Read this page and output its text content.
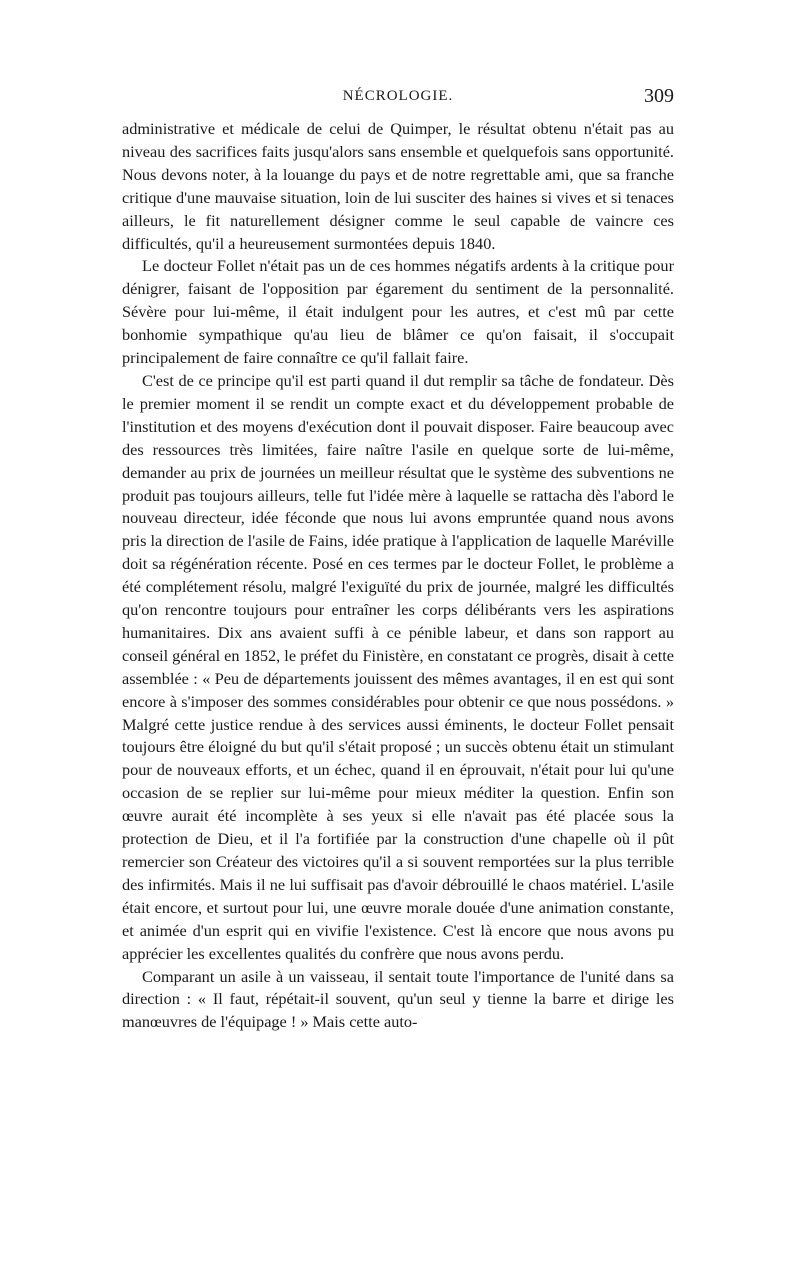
NÉCROLOGIE.	309

administrative et médicale de celui de Quimper, le résultat obtenu n'était pas au niveau des sacrifices faits jusqu'alors sans ensemble et quelquefois sans opportunité. Nous devons noter, à la louange du pays et de notre regrettable ami, que sa franche critique d'une mauvaise situation, loin de lui susciter des haines si vives et si tenaces ailleurs, le fit naturellement désigner comme le seul capable de vaincre ces difficultés, qu'il a heureusement surmontées depuis 1840.

Le docteur Follet n'était pas un de ces hommes négatifs ardents à la critique pour dénigrer, faisant de l'opposition par égarement du sentiment de la personnalité. Sévère pour lui-même, il était indulgent pour les autres, et c'est mû par cette bonhomie sympathique qu'au lieu de blâmer ce qu'on faisait, il s'occupait principalement de faire connaître ce qu'il fallait faire.

C'est de ce principe qu'il est parti quand il dut remplir sa tâche de fondateur. Dès le premier moment il se rendit un compte exact et du développement probable de l'institution et des moyens d'exécution dont il pouvait disposer. Faire beaucoup avec des ressources très limitées, faire naître l'asile en quelque sorte de lui-même, demander au prix de journées un meilleur résultat que le système des subventions ne produit pas toujours ailleurs, telle fut l'idée mère à laquelle se rattacha dès l'abord le nouveau directeur, idée féconde que nous lui avons empruntée quand nous avons pris la direction de l'asile de Fains, idée pratique à l'application de laquelle Maréville doit sa régénération récente. Posé en ces termes par le docteur Follet, le problème a été complétement résolu, malgré l'exiguïté du prix de journée, malgré les difficultés qu'on rencontre toujours pour entraîner les corps délibérants vers les aspirations humanitaires. Dix ans avaient suffi à ce pénible labeur, et dans son rapport au conseil général en 1852, le préfet du Finistère, en constatant ce progrès, disait à cette assemblée : « Peu de départements jouissent des mêmes avantages, il en est qui sont encore à s'imposer des sommes considérables pour obtenir ce que nous possédons. » Malgré cette justice rendue à des services aussi éminents, le docteur Follet pensait toujours être éloigné du but qu'il s'était proposé ; un succès obtenu était un stimulant pour de nouveaux efforts, et un échec, quand il en éprouvait, n'était pour lui qu'une occasion de se replier sur lui-même pour mieux méditer la question. Enfin son œuvre aurait été incomplète à ses yeux si elle n'avait pas été placée sous la protection de Dieu, et il l'a fortifiée par la construction d'une chapelle où il pût remercier son Créateur des victoires qu'il a si souvent remportées sur la plus terrible des infirmités. Mais il ne lui suffisait pas d'avoir débrouillé le chaos matériel. L'asile était encore, et surtout pour lui, une œuvre morale douée d'une animation constante, et animée d'un esprit qui en vivifie l'existence. C'est là encore que nous avons pu apprécier les excellentes qualités du confrère que nous avons perdu.

Comparant un asile à un vaisseau, il sentait toute l'importance de l'unité dans sa direction : « Il faut, répétait-il souvent, qu'un seul y tienne la barre et dirige les manœuvres de l'équipage ! » Mais cette auto-
